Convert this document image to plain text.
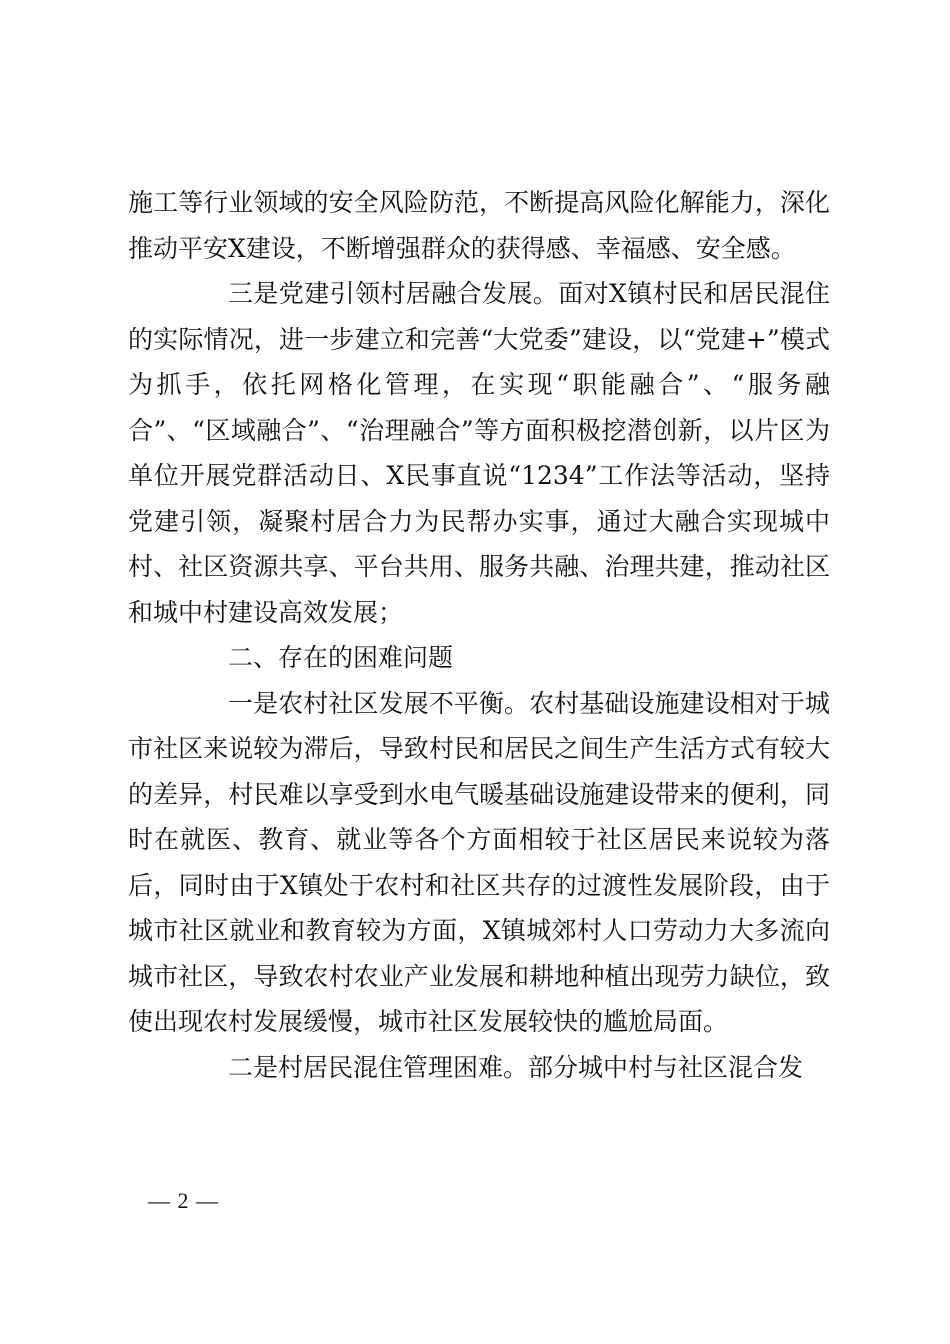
施工等行业领域的安全风险防范，不断提高风险化解能力，深化推动平安X建设，不断增强群众的获得感、幸福感、安全感。

三是党建引领村居融合发展。面对X镇村民和居民混住的实际情况，进一步建立和完善“大党委”建设，以“党建+”模式为抓手，依托网格化管理，在实现“职能融合”、“服务融合”、“区域融合”、“治理融合”等方面积极挖潜创新，以片区为单位开展党群活动日、X民事直说“1234”工作法等活动，坚持党建引领，凝聚村居合力为民帮办实事，通过大融合实现城中村、社区资源共享、平台共用、服务共融、治理共建，推动社区和城中村建设高效发展；

二、存在的困难问题

一是农村社区发展不平衡。农村基础设施建设相对于城市社区来说较为滞后，导致村民和居民之间生产生活方式有较大的差异，村民难以享受到水电气暖基础设施建设带来的便利，同时在就医、教育、就业等各个方面相较于社区居民来说较为落后，同时由于X镇处于农村和社区共存的过渡性发展阶段，由于城市社区就业和教育较为方面，X镇城郊村人口劳动力大多流向城市社区，导致农村农业产业发展和耕地种植出现劳力缺位，致使出现农村发展缓慢，城市社区发展较快的尴尬局面。

二是村居民混住管理困难。部分城中村与社区混合发

— 2 —
